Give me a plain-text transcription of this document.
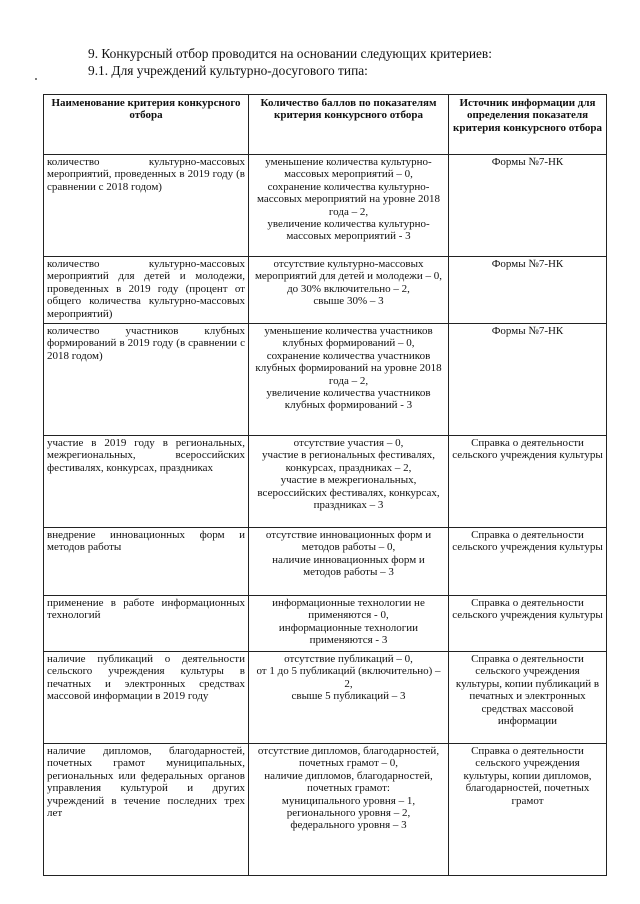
9. Конкурсный отбор проводится на основании следующих критериев:
9.1. Для учреждений культурно-досугового типа:
Наименование критерия конкурсного отбора	Количество баллов по показателям критерия конкурсного отбора	Источник информации для определения показателя критерия конкурсного отбора
количество культурно-массовых мероприятий, проведенных в 2019 году (в сравнении с 2018 годом)	уменьшение количества культурно-массовых мероприятий – 0,
сохранение количества культурно-массовых мероприятий на уровне 2018 года – 2,
увеличение количества культурно-массовых мероприятий - 3	Формы №7-НК
количество культурно-массовых мероприятий для детей и молодежи, проведенных в 2019 году (процент от общего количества культурно-массовых мероприятий)	отсутствие культурно-массовых мероприятий для детей и молодежи – 0,
до 30% включительно – 2,
свыше 30% – 3	Формы №7-НК
количество участников клубных формирований в 2019 году (в сравнении с 2018 годом)	уменьшение количества участников клубных формирований – 0,
сохранение количества участников клубных формирований на уровне 2018 года – 2,
увеличение количества участников клубных формирований - 3	Формы №7-НК
участие в 2019 году в региональных, межрегиональных, всероссийских фестивалях, конкурсах, праздниках	отсутствие участия – 0,
участие в региональных фестивалях, конкурсах, праздниках – 2,
участие в межрегиональных, всероссийских фестивалях, конкурсах, праздниках – 3	Справка о деятельности сельского учреждения культуры
внедрение инновационных форм и методов работы	отсутствие инновационных форм и методов работы – 0,
наличие инновационных форм и методов работы – 3	Справка о деятельности сельского учреждения культуры
применение в работе информационных технологий	информационные технологии не применяются - 0,
информационные технологии применяются - 3	Справка о деятельности сельского учреждения культуры
наличие публикаций о деятельности сельского учреждения культуры в печатных и электронных средствах массовой информации в 2019 году	отсутствие публикаций – 0,
от 1 до 5 публикаций (включительно) – 2,
свыше 5 публикаций – 3	Справка о деятельности сельского учреждения культуры, копии публикаций в печатных и электронных средствах массовой информации
наличие дипломов, благодарностей, почетных грамот муниципальных, региональных или федеральных органов управления культурой и других учреждений в течение последних трех лет	отсутствие дипломов, благодарностей, почетных грамот – 0,
наличие дипломов, благодарностей, почетных грамот:
муниципального уровня – 1,
регионального уровня – 2,
федерального уровня – 3	Справка о деятельности сельского учреждения культуры, копии дипломов, благодарностей, почетных грамот
